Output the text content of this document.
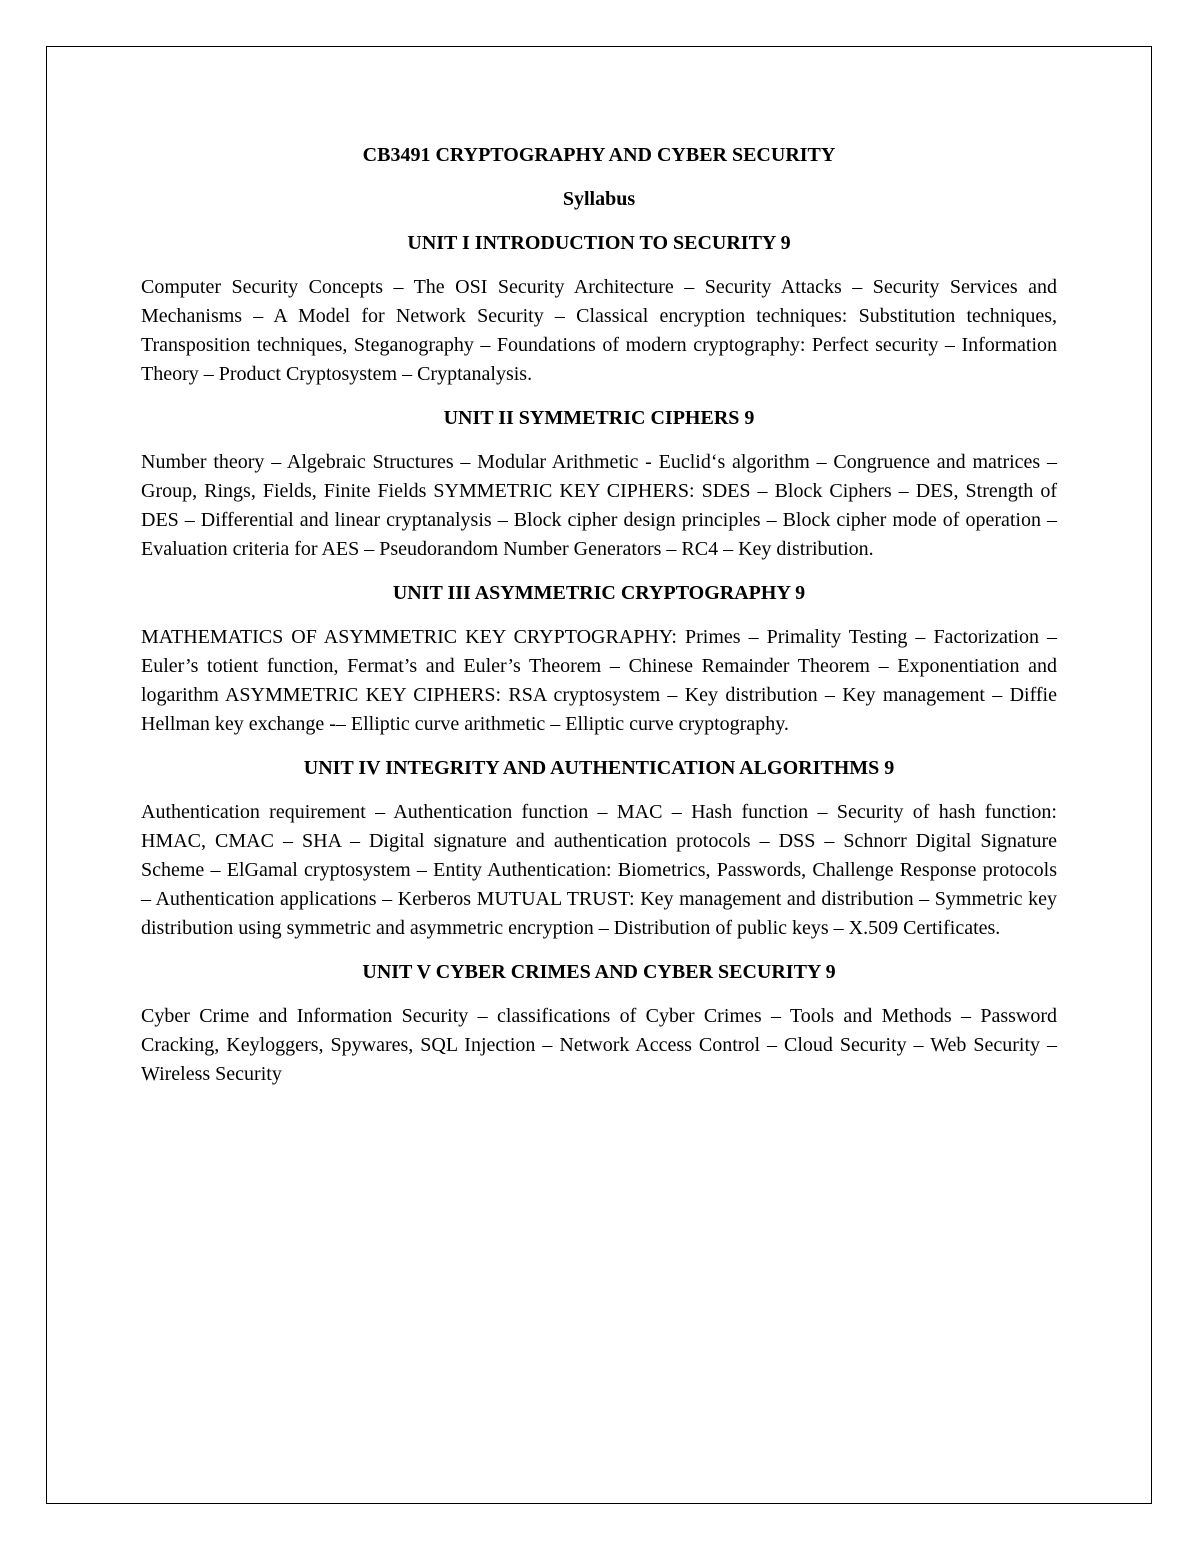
CB3491 CRYPTOGRAPHY AND CYBER SECURITY

Syllabus

UNIT I INTRODUCTION TO SECURITY 9

Computer Security Concepts – The OSI Security Architecture – Security Attacks – Security Services and Mechanisms – A Model for Network Security – Classical encryption techniques: Substitution techniques, Transposition techniques, Steganography – Foundations of modern cryptography: Perfect security – Information Theory – Product Cryptosystem – Cryptanalysis.

UNIT II SYMMETRIC CIPHERS 9

Number theory – Algebraic Structures – Modular Arithmetic - Euclid‘s algorithm – Congruence and matrices – Group, Rings, Fields, Finite Fields SYMMETRIC KEY CIPHERS: SDES – Block Ciphers – DES, Strength of DES – Differential and linear cryptanalysis – Block cipher design principles – Block cipher mode of operation – Evaluation criteria for AES – Pseudorandom Number Generators – RC4 – Key distribution.

UNIT III ASYMMETRIC CRYPTOGRAPHY 9

MATHEMATICS OF ASYMMETRIC KEY CRYPTOGRAPHY: Primes – Primality Testing – Factorization – Euler’s totient function, Fermat’s and Euler’s Theorem – Chinese Remainder Theorem – Exponentiation and logarithm ASYMMETRIC KEY CIPHERS: RSA cryptosystem – Key distribution – Key management – Diffie Hellman key exchange -– Elliptic curve arithmetic – Elliptic curve cryptography.

UNIT IV INTEGRITY AND AUTHENTICATION ALGORITHMS 9

Authentication requirement – Authentication function – MAC – Hash function – Security of hash function: HMAC, CMAC – SHA – Digital signature and authentication protocols – DSS – Schnorr Digital Signature Scheme – ElGamal cryptosystem – Entity Authentication: Biometrics, Passwords, Challenge Response protocols – Authentication applications – Kerberos MUTUAL TRUST: Key management and distribution – Symmetric key distribution using symmetric and asymmetric encryption – Distribution of public keys – X.509 Certificates.

UNIT V CYBER CRIMES AND CYBER SECURITY 9

Cyber Crime and Information Security – classifications of Cyber Crimes – Tools and Methods – Password Cracking, Keyloggers, Spywares, SQL Injection – Network Access Control – Cloud Security – Web Security – Wireless Security
